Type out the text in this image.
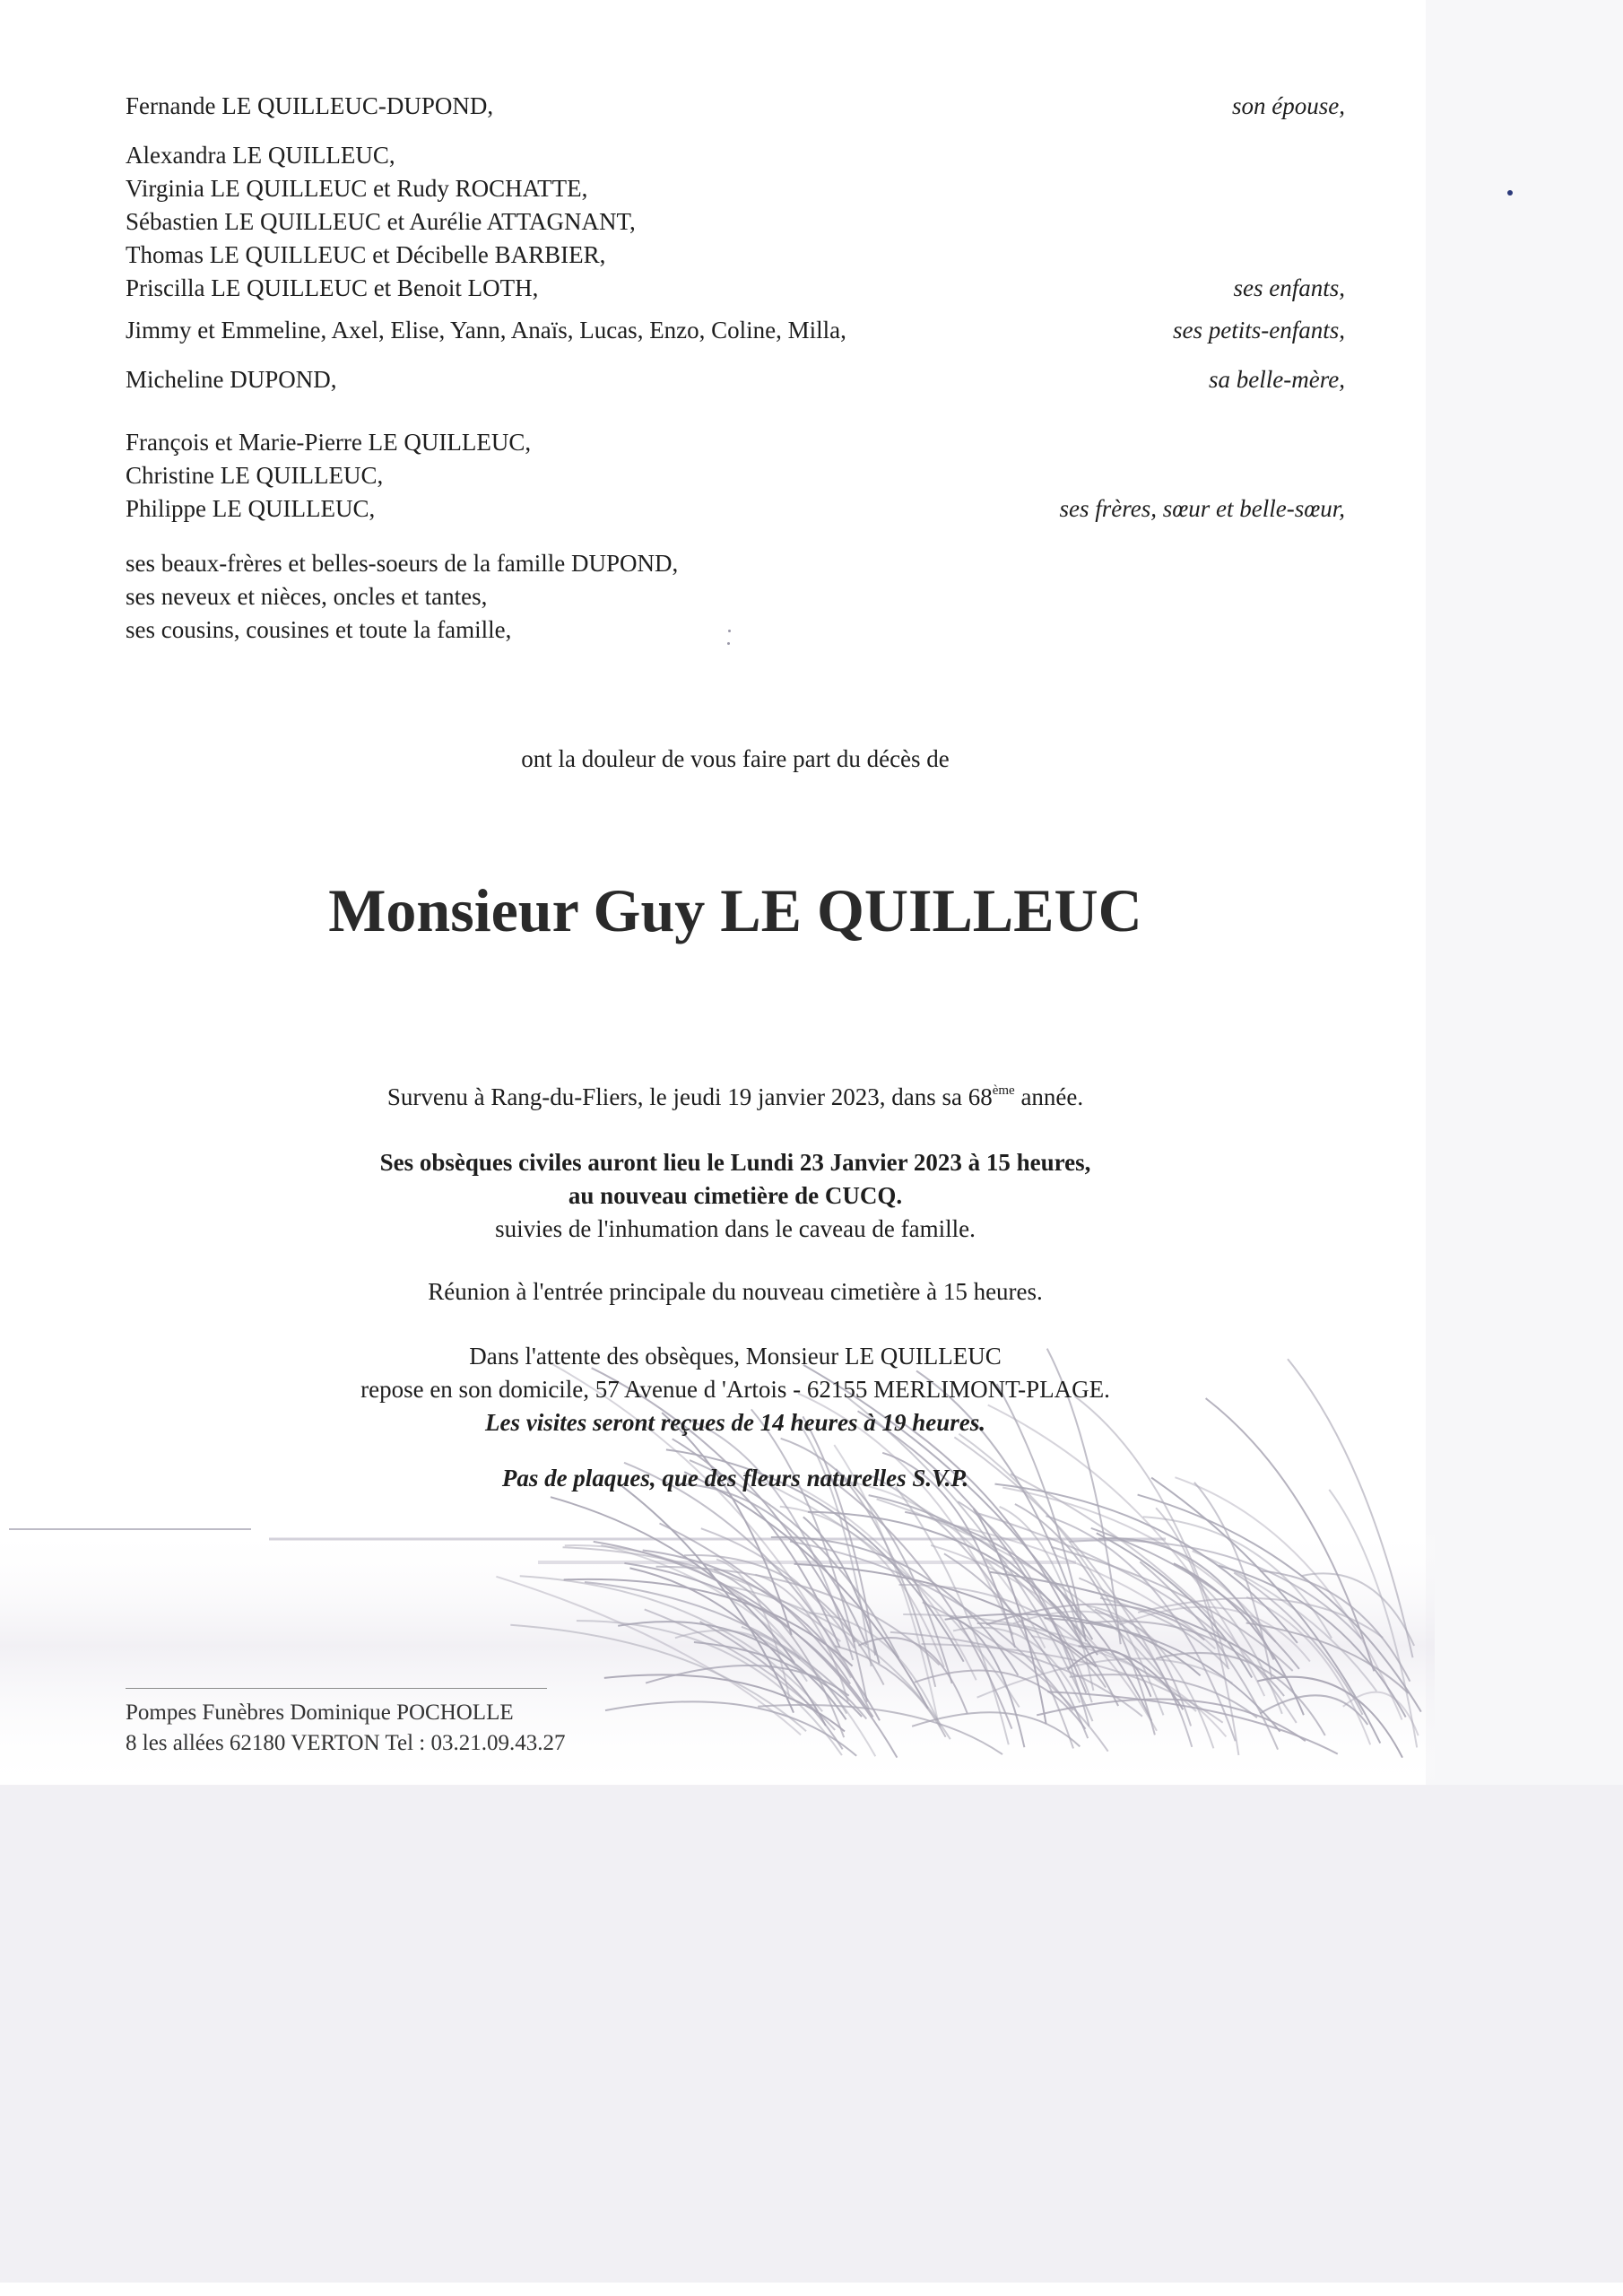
Fernande LE QUILLEUC-DUPOND,	son épouse,
Alexandra LE QUILLEUC,
Virginia LE QUILLEUC et Rudy ROCHATTE,
Sébastien LE QUILLEUC et Aurélie ATTAGNANT,
Thomas LE QUILLEUC et Décibelle BARBIER,
Priscilla LE QUILLEUC et Benoit LOTH,	ses enfants,
Jimmy et Emmeline, Axel, Elise, Yann, Anaïs, Lucas, Enzo, Coline, Milla,	ses petits-enfants,
Micheline DUPOND,	sa belle-mère,
François et Marie-Pierre LE QUILLEUC,
Christine LE QUILLEUC,
Philippe LE QUILLEUC,	ses frères, sœur et belle-sœur,
ses beaux-frères et belles-soeurs de la famille DUPOND,
ses neveux et nièces, oncles et tantes,
ses cousins, cousines et toute la famille,
ont la douleur de vous faire part du décès de
Monsieur Guy LE QUILLEUC
Survenu à Rang-du-Fliers, le jeudi 19 janvier 2023, dans sa 68ème année.
Ses obsèques civiles auront lieu le Lundi 23 Janvier 2023 à 15 heures,
au nouveau cimetière de CUCQ.
suivies de l'inhumation dans le caveau de famille.
Réunion à l'entrée principale du nouveau cimetière à 15 heures.
Dans l'attente des obsèques, Monsieur LE QUILLEUC
repose en son domicile, 57 Avenue d 'Artois - 62155 MERLIMONT-PLAGE.
Les visites seront reçues de 14 heures à 19 heures.
Pas de plaques, que des fleurs naturelles S.V.P.
Pompes Funèbres Dominique POCHOLLE
8 les allées 62180 VERTON Tel : 03.21.09.43.27
